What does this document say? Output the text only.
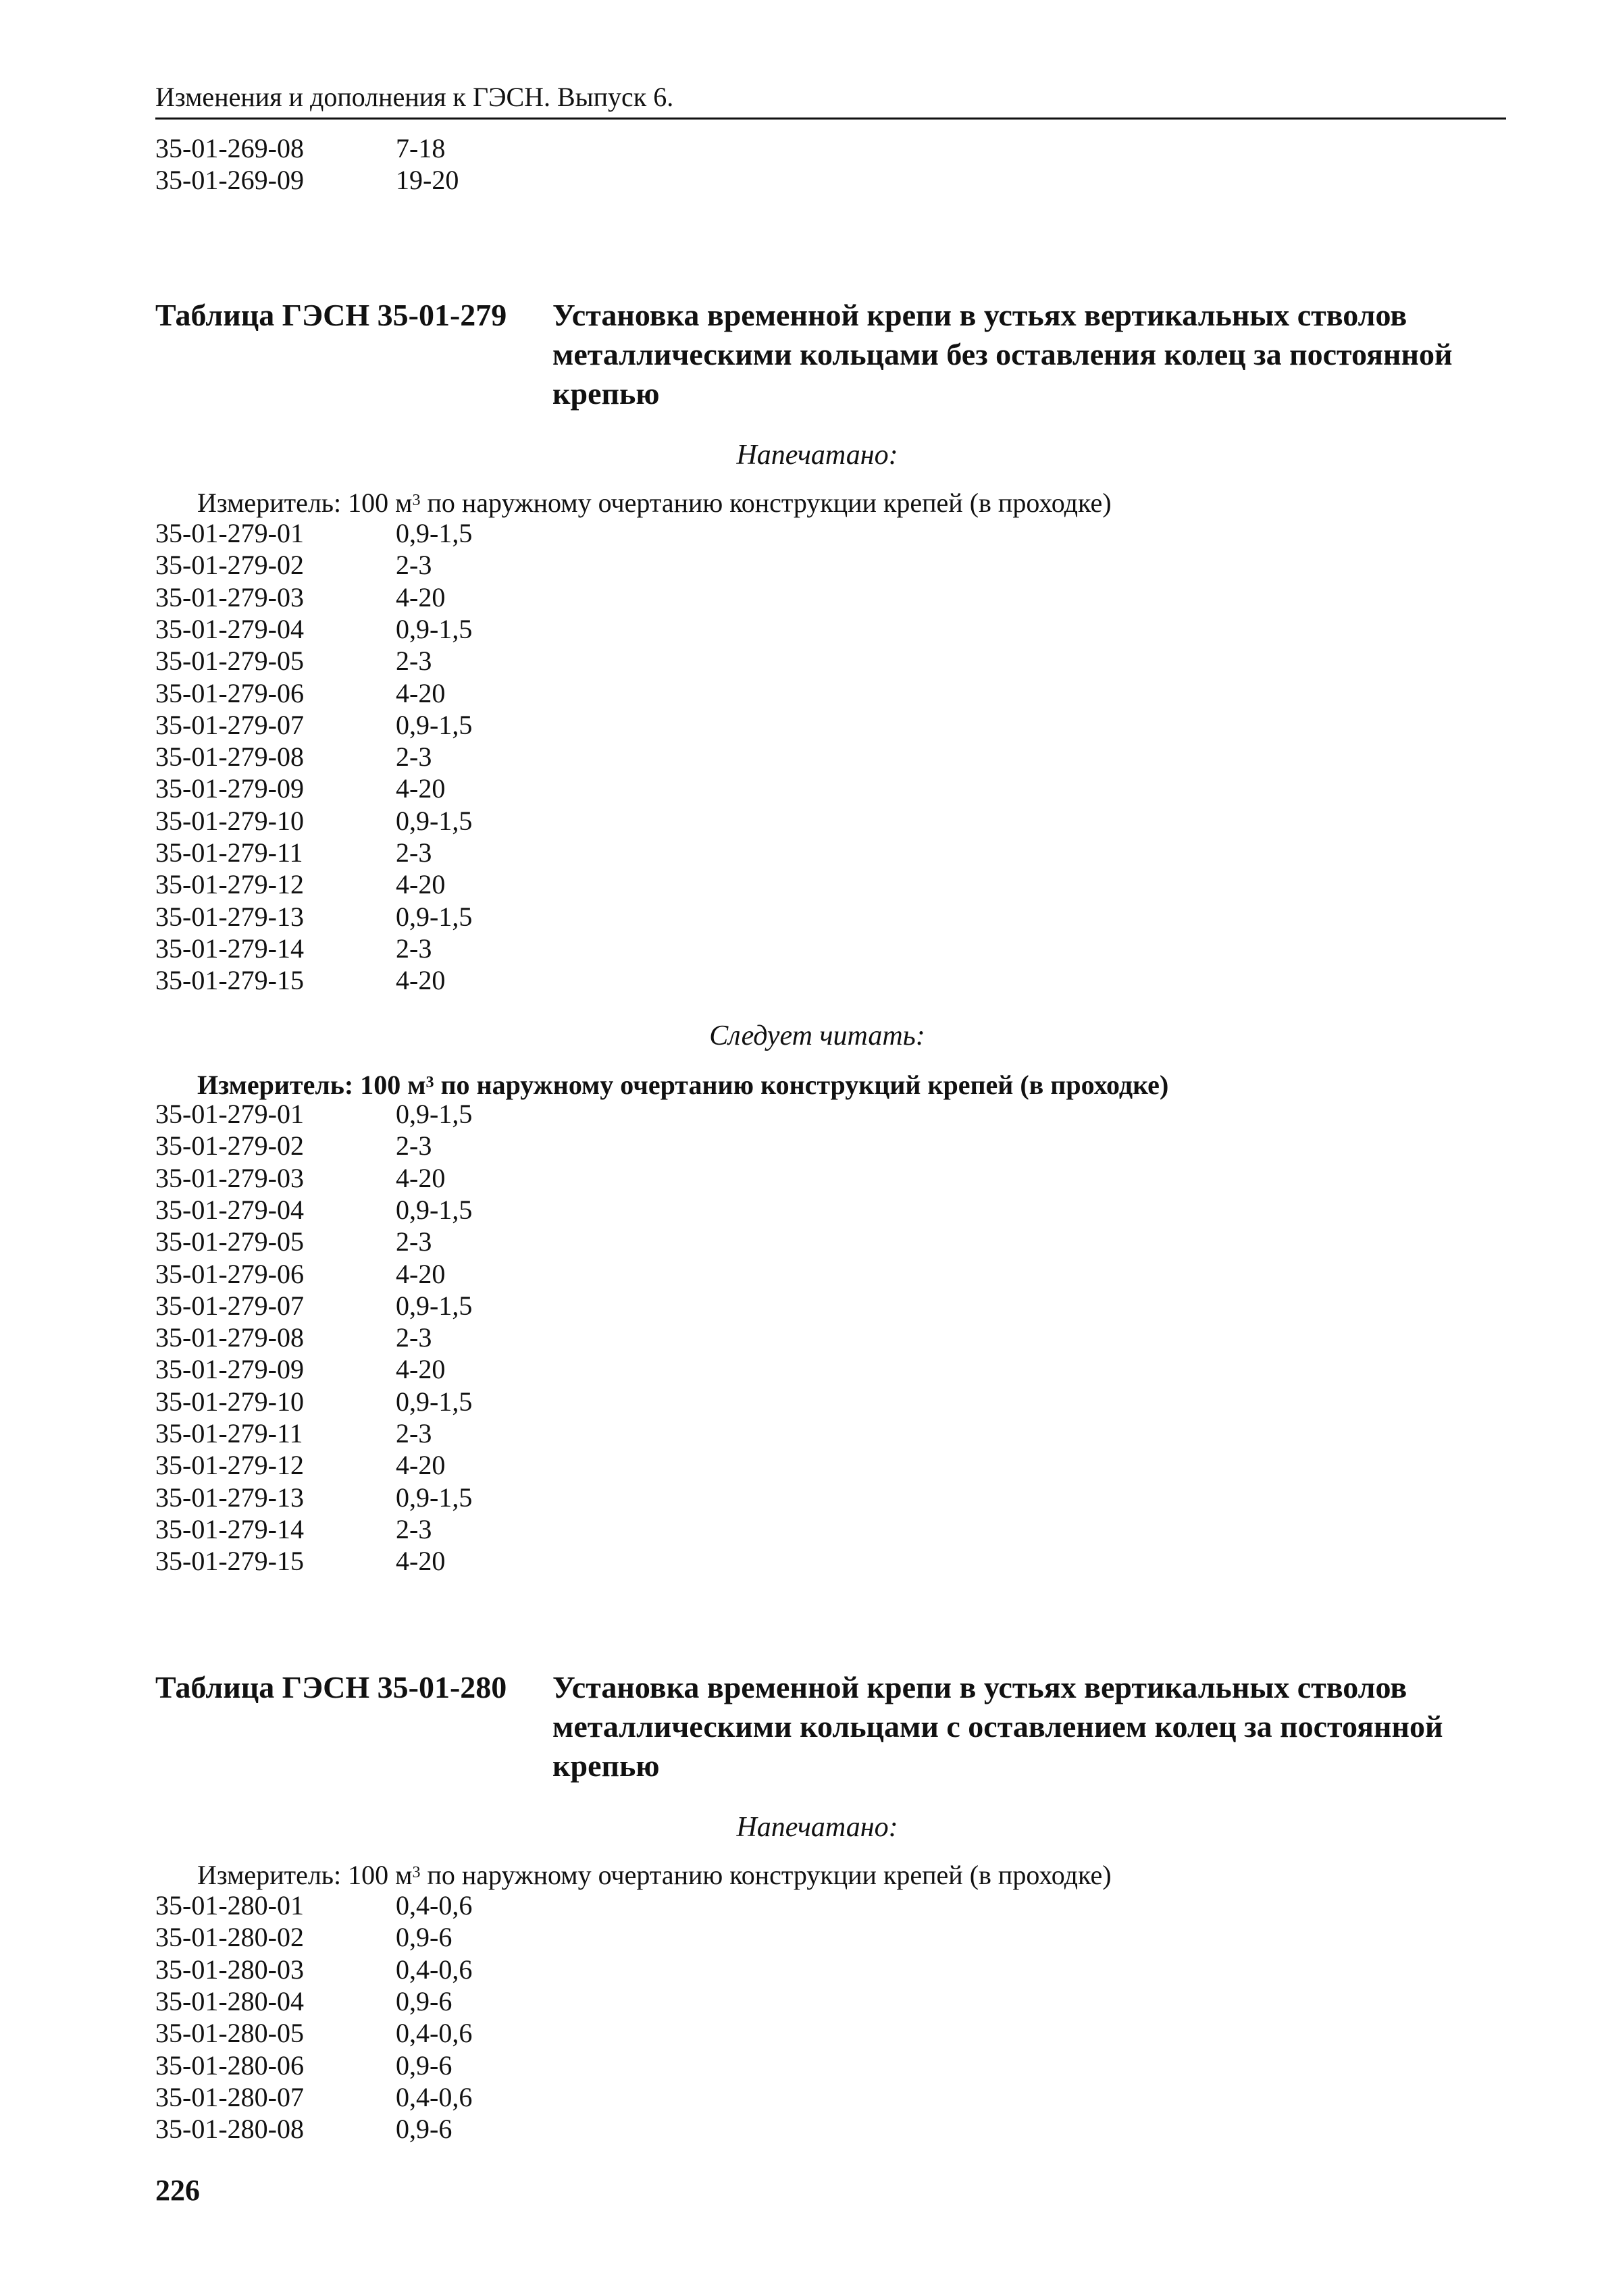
Изменения и дополнения к ГЭСН. Выпуск 6.
35-01-269-08	7-18
35-01-269-09	19-20
Таблица ГЭСН 35-01-279 Установка временной крепи в устьях вертикальных стволов металлическими кольцами без оставления колец за постоянной крепью
Напечатано:
Измеритель: 100 $м^3$ по наружному очертанию конструкции крепей (в проходке)
35-01-279-01	0,9-1,5
35-01-279-02	2-3
35-01-279-03	4-20
35-01-279-04	0,9-1,5
35-01-279-05	2-3
35-01-279-06	4-20
35-01-279-07	0,9-1,5
35-01-279-08	2-3
35-01-279-09	4-20
35-01-279-10	0,9-1,5
35-01-279-11	2-3
35-01-279-12	4-20
35-01-279-13	0,9-1,5
35-01-279-14	2-3
35-01-279-15	4-20
Следует читать:
Измеритель: 100 $м^3$ по наружному очертанию конструкций крепей (в проходке)
35-01-279-01	0,9-1,5
35-01-279-02	2-3
35-01-279-03	4-20
35-01-279-04	0,9-1,5
35-01-279-05	2-3
35-01-279-06	4-20
35-01-279-07	0,9-1,5
35-01-279-08	2-3
35-01-279-09	4-20
35-01-279-10	0,9-1,5
35-01-279-11	2-3
35-01-279-12	4-20
35-01-279-13	0,9-1,5
35-01-279-14	2-3
35-01-279-15	4-20
Таблица ГЭСН 35-01-280 Установка временной крепи в устьях вертикальных стволов металлическими кольцами с оставлением колец за постоянной крепью
Напечатано:
Измеритель: 100 $м^3$ по наружному очертанию конструкции крепей (в проходке)
35-01-280-01	0,4-0,6
35-01-280-02	0,9-6
35-01-280-03	0,4-0,6
35-01-280-04	0,9-6
35-01-280-05	0,4-0,6
35-01-280-06	0,9-6
35-01-280-07	0,4-0,6
35-01-280-08	0,9-6
226
